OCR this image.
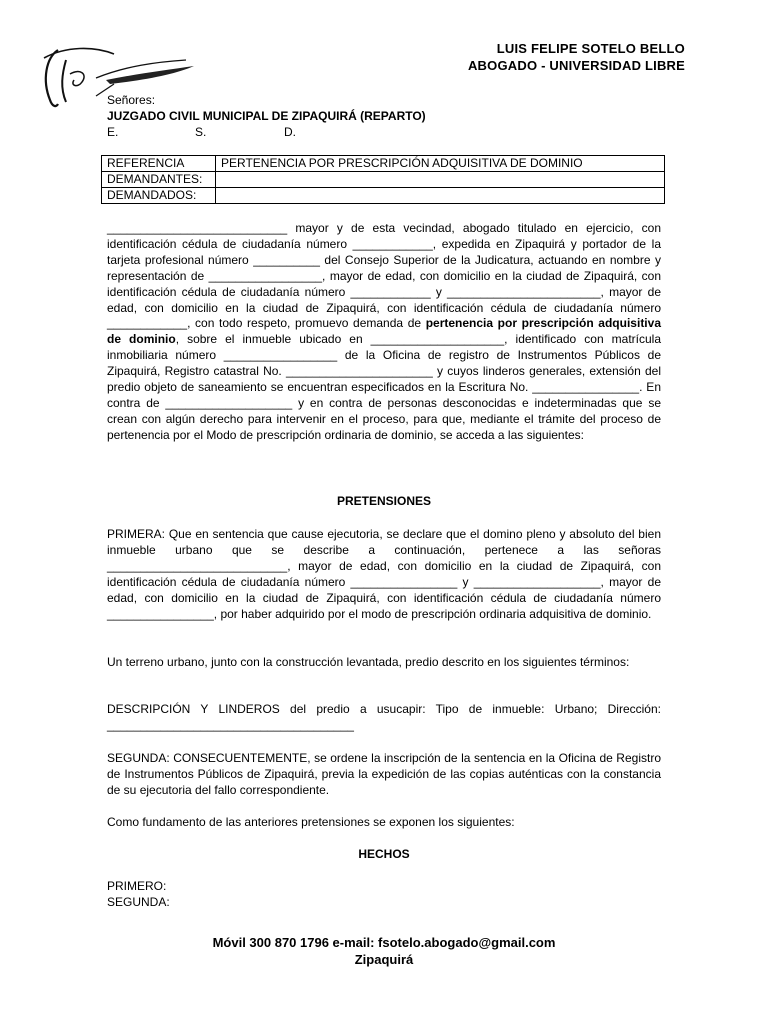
LUIS FELIPE SOTELO BELLO
ABOGADO - UNIVERSIDAD LIBRE
Señores:
JUZGADO CIVIL MUNICIPAL DE ZIPAQUIRÁ (REPARTO)
E.	S.	D.
REFERENCIA	PERTENENCIA POR PRESCRIPCIÓN ADQUISITIVA DE DOMINIO
DEMANDANTES:	
DEMANDADOS:	
___________________________ mayor y de esta vecindad, abogado titulado en ejercicio, con identificación cédula de ciudadanía número ____________, expedida en Zipaquirá y portador de la tarjeta profesional número __________ del Consejo Superior de la Judicatura, actuando en nombre y representación de _________________, mayor de edad, con domicilio en la ciudad de Zipaquirá, con identificación cédula de ciudadanía número ____________ y _______________________, mayor de edad, con domicilio en la ciudad de Zipaquirá, con identificación cédula de ciudadanía número ____________, con todo respeto, promuevo demanda de pertenencia por prescripción adquisitiva de dominio, sobre el inmueble ubicado en ____________________, identificado con matrícula inmobiliaria número _________________ de la Oficina de registro de Instrumentos Públicos de Zipaquirá, Registro catastral No. ______________________ y cuyos linderos generales, extensión del predio objeto de saneamiento se encuentran especificados en la Escritura No. ________________. En contra de ___________________ y en contra de personas desconocidas e indeterminadas que se crean con algún derecho para intervenir en el proceso, para que, mediante el trámite del proceso de pertenencia por el Modo de prescripción ordinaria de dominio, se acceda a las siguientes:
PRETENSIONES
PRIMERA: Que en sentencia que cause ejecutoria, se declare que el domino pleno y absoluto del bien inmueble urbano que se describe a continuación, pertenece a las señoras ___________________________, mayor de edad, con domicilio en la ciudad de Zipaquirá, con identificación cédula de ciudadanía número ________________ y ___________________, mayor de edad, con domicilio en la ciudad de Zipaquirá, con identificación cédula de ciudadanía número ________________, por haber adquirido por el modo de prescripción ordinaria adquisitiva de dominio.
Un terreno urbano, junto con la construcción levantada, predio descrito en los siguientes términos:
DESCRIPCIÓN Y LINDEROS del predio a usucapir: Tipo de inmueble: Urbano; Dirección: _____________________________________
SEGUNDA: CONSECUENTEMENTE, se ordene la inscripción de la sentencia en la Oficina de Registro de Instrumentos Públicos de Zipaquirá, previa la expedición de las copias auténticas con la constancia de su ejecutoria del fallo correspondiente.
Como fundamento de las anteriores pretensiones se exponen los siguientes:
HECHOS
PRIMERO:
SEGUNDA:
Móvil 300 870 1796 e-mail: fsotelo.abogado@gmail.com
Zipaquirá
